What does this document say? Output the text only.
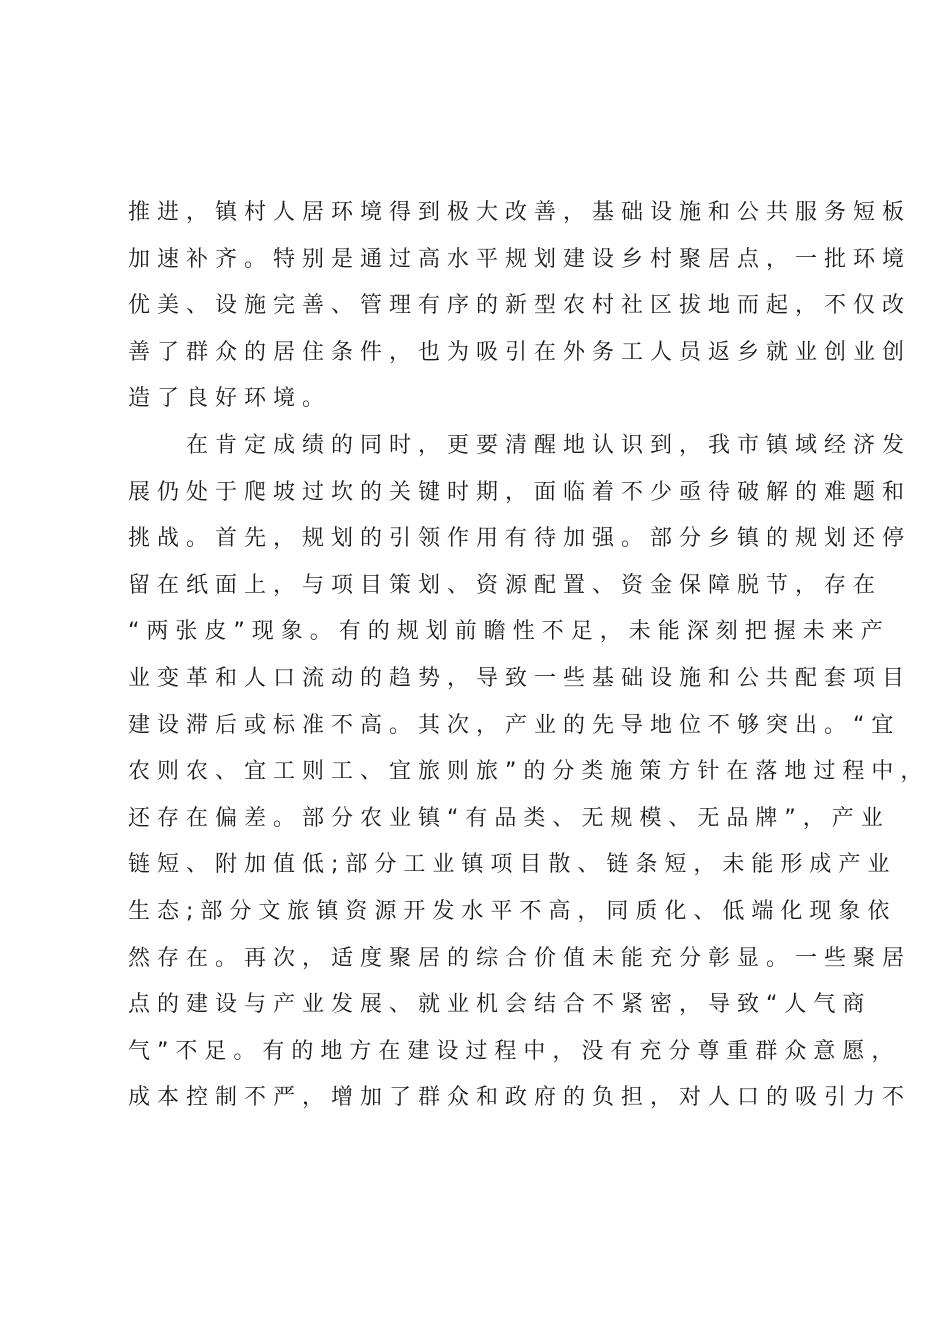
推进，镇村人居环境得到极大改善，基础设施和公共服务短板
加速补齐。特别是通过高水平规划建设乡村聚居点，一批环境
优美、设施完善、管理有序的新型农村社区拔地而起，不仅改
善了群众的居住条件，也为吸引在外务工人员返乡就业创业创
造了良好环境。
在肯定成绩的同时，更要清醒地认识到，我市镇域经济发
展仍处于爬坡过坎的关键时期，面临着不少亟待破解的难题和
挑战。首先，规划的引领作用有待加强。部分乡镇的规划还停
留在纸面上，与项目策划、资源配置、资金保障脱节，存在
“两张皮”现象。有的规划前瞻性不足，未能深刻把握未来产
业变革和人口流动的趋势，导致一些基础设施和公共配套项目
建设滞后或标准不高。其次，产业的先导地位不够突出。“宜
农则农、宜工则工、宜旅则旅”的分类施策方针在落地过程中，
还存在偏差。部分农业镇“有品类、无规模、无品牌”，产业
链短、附加值低;部分工业镇项目散、链条短，未能形成产业
生态;部分文旅镇资源开发水平不高，同质化、低端化现象依
然存在。再次，适度聚居的综合价值未能充分彰显。一些聚居
点的建设与产业发展、就业机会结合不紧密，导致“人气商
气”不足。有的地方在建设过程中，没有充分尊重群众意愿，
成本控制不严，增加了群众和政府的负担，对人口的吸引力不
